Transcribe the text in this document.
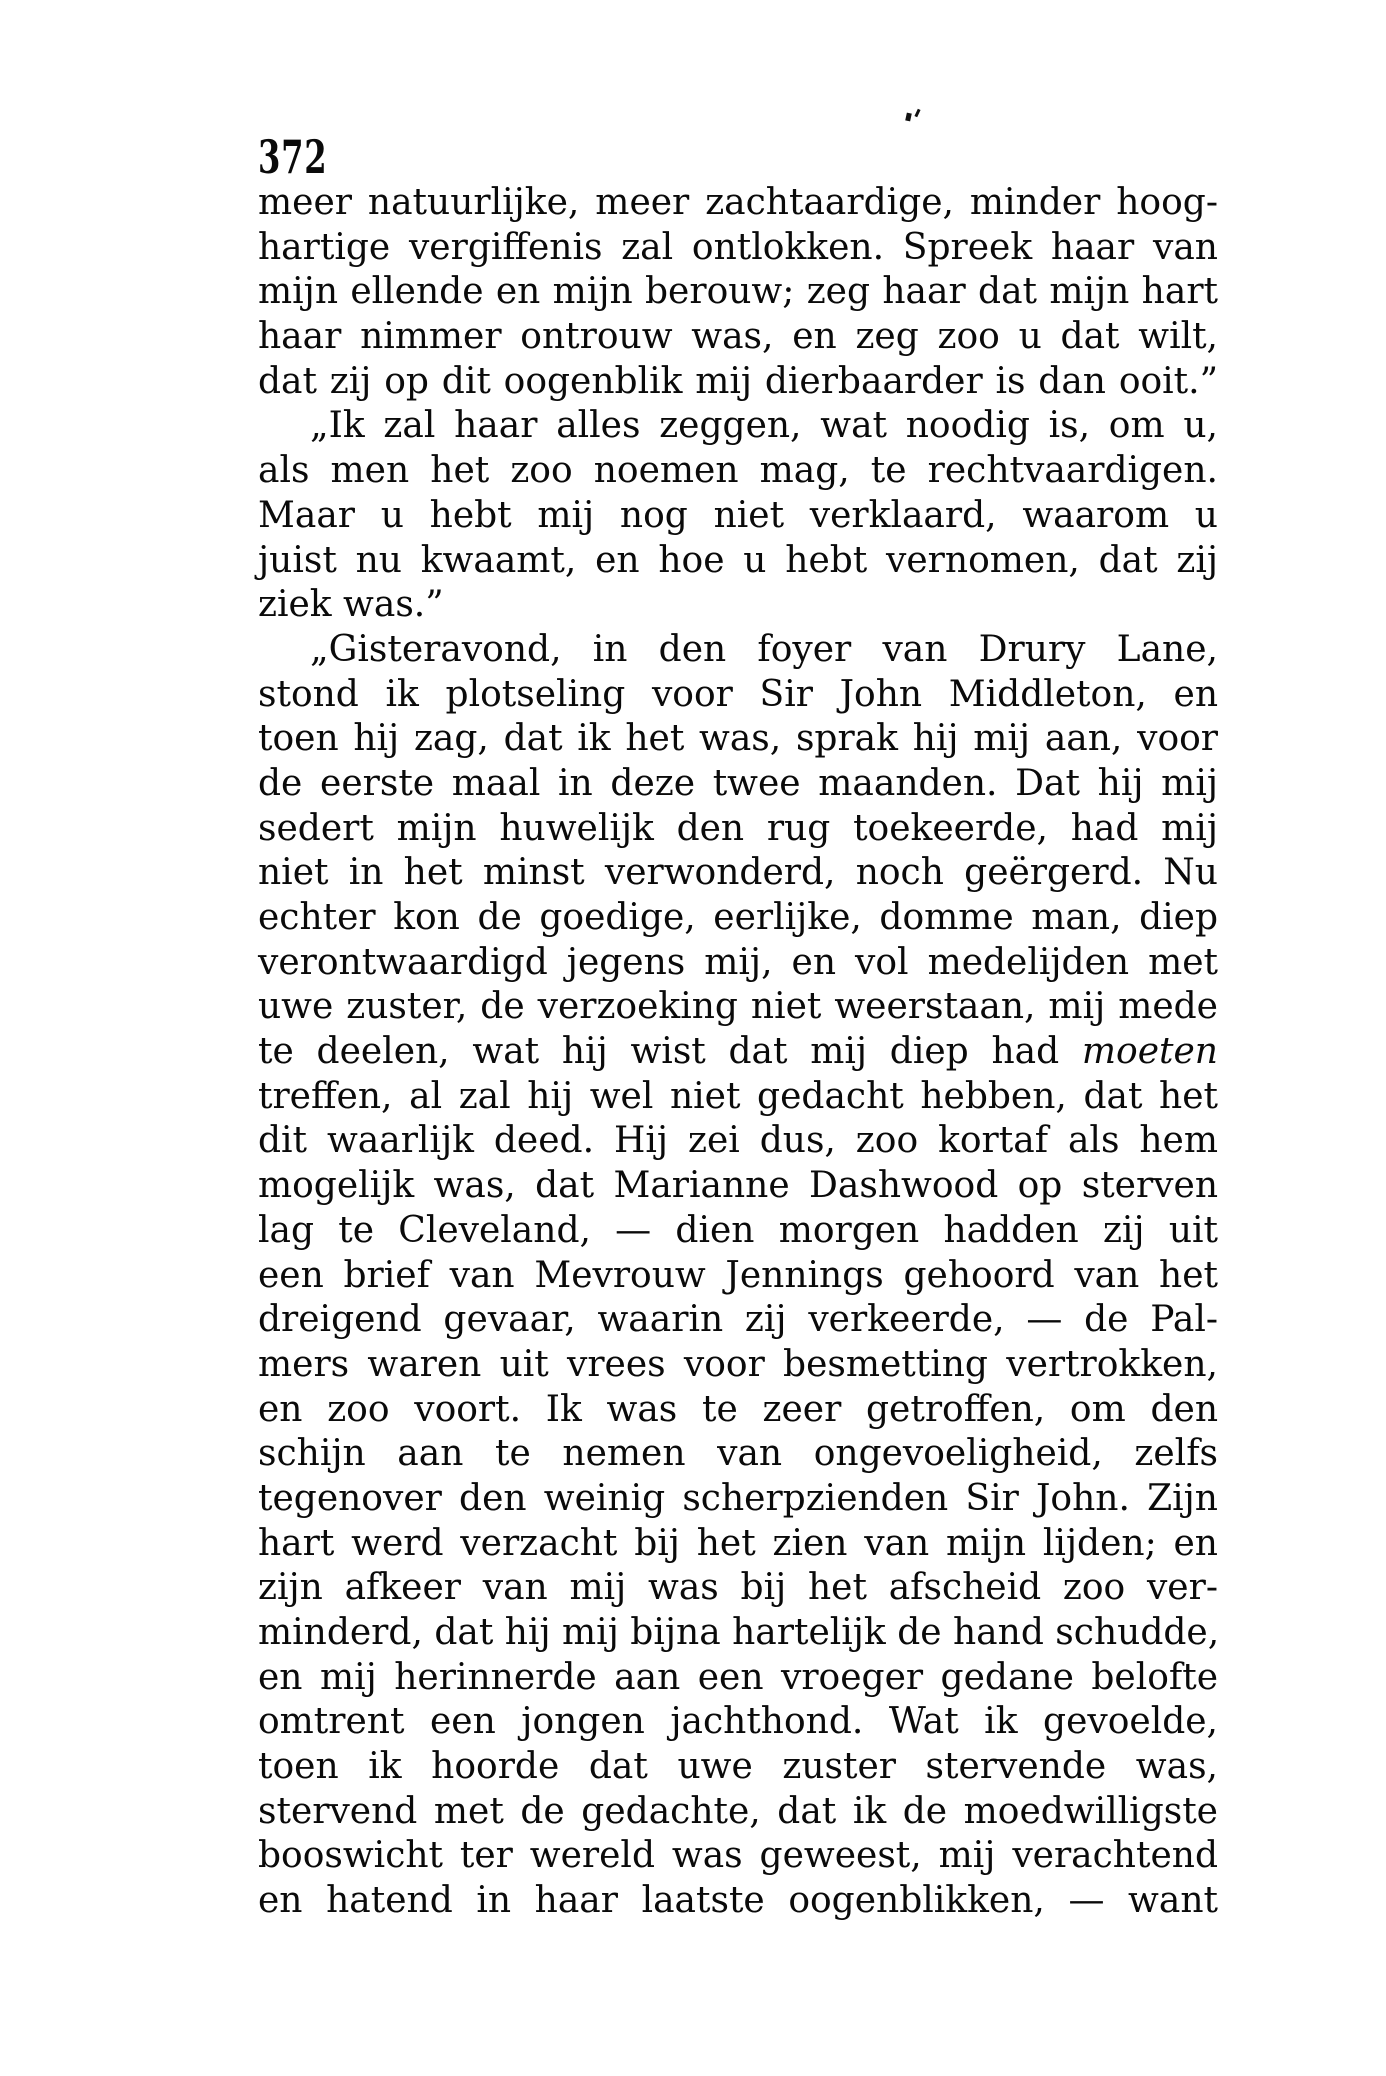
372
meer natuurlijke, meer zachtaardige, minder hoog-
hartige vergiffenis zal ontlokken. Spreek haar van
mijn ellende en mijn berouw; zeg haar dat mijn hart
haar nimmer ontrouw was, en zeg zoo u dat wilt,
dat zij op dit oogenblik mij dierbaarder is dan ooit.”
„Ik zal haar alles zeggen, wat noodig is, om u,
als men het zoo noemen mag, te rechtvaardigen.
Maar u hebt mij nog niet verklaard, waarom u
juist nu kwaamt, en hoe u hebt vernomen, dat zij
ziek was.”
„Gisteravond, in den foyer van Drury Lane,
stond ik plotseling voor Sir John Middleton, en
toen hij zag, dat ik het was, sprak hij mij aan, voor
de eerste maal in deze twee maanden. Dat hij mij
sedert mijn huwelijk den rug toekeerde, had mij
niet in het minst verwonderd, noch geërgerd. Nu
echter kon de goedige, eerlijke, domme man, diep
verontwaardigd jegens mij, en vol medelijden met
uwe zuster, de verzoeking niet weerstaan, mij mede
te deelen, wat hij wist dat mij diep had moeten
treffen, al zal hij wel niet gedacht hebben, dat het
dit waarlijk deed. Hij zei dus, zoo kortaf als hem
mogelijk was, dat Marianne Dashwood op sterven
lag te Cleveland, — dien morgen hadden zij uit
een brief van Mevrouw Jennings gehoord van het
dreigend gevaar, waarin zij verkeerde, — de Pal-
mers waren uit vrees voor besmetting vertrokken,
en zoo voort. Ik was te zeer getroffen, om den
schijn aan te nemen van ongevoeligheid, zelfs
tegenover den weinig scherpzienden Sir John. Zijn
hart werd verzacht bij het zien van mijn lijden; en
zijn afkeer van mij was bij het afscheid zoo ver-
minderd, dat hij mij bijna hartelijk de hand schudde,
en mij herinnerde aan een vroeger gedane belofte
omtrent een jongen jachthond. Wat ik gevoelde,
toen ik hoorde dat uwe zuster stervende was,
stervend met de gedachte, dat ik de moedwilligste
booswicht ter wereld was geweest, mij verachtend
en hatend in haar laatste oogenblikken, — want
